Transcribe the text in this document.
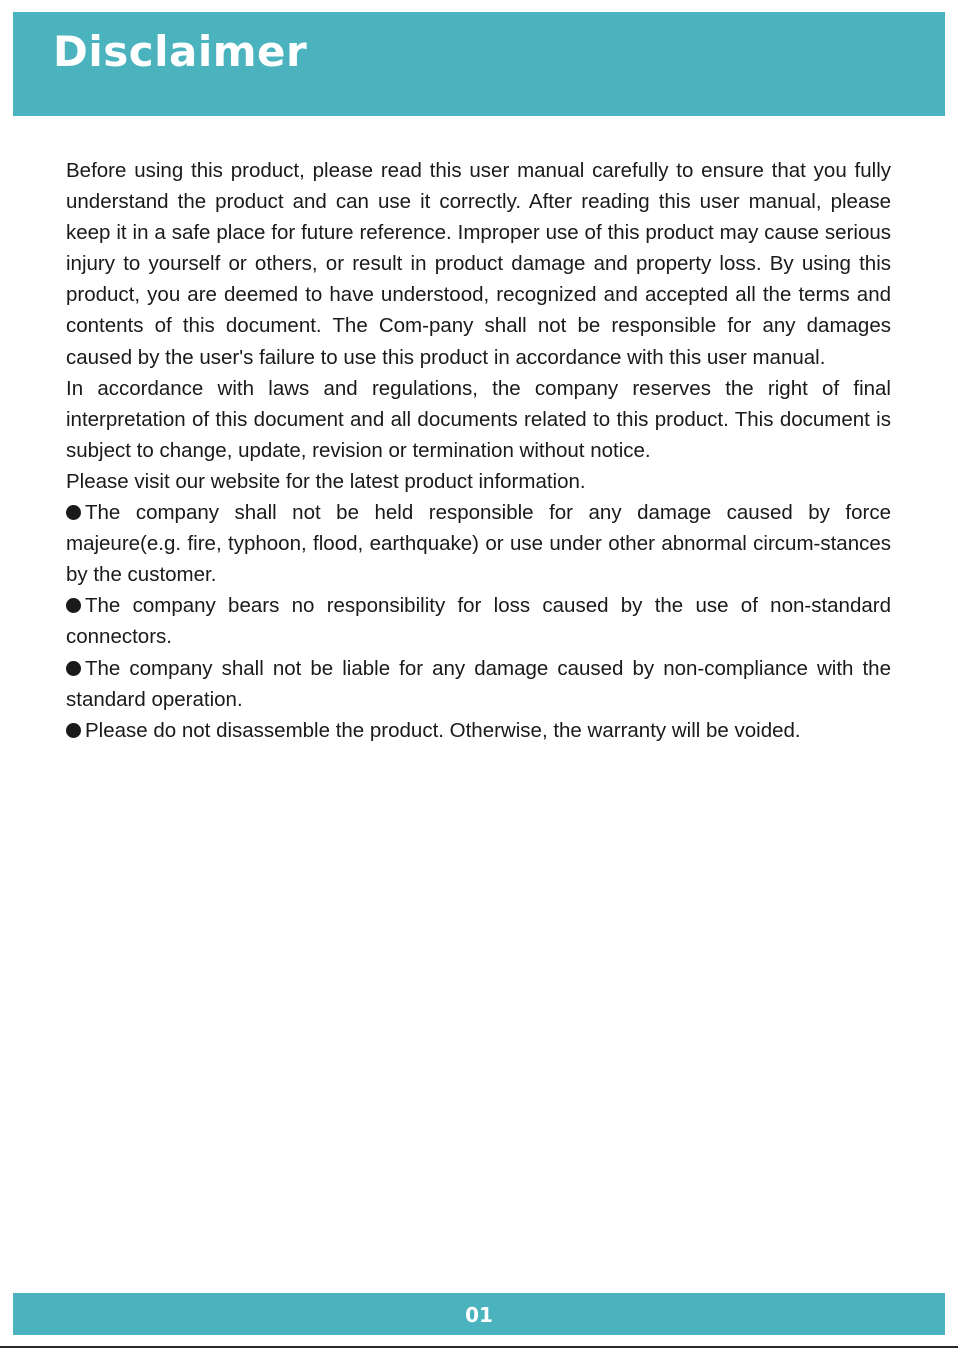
Disclaimer

Before using this product, please read this user manual carefully to ensure that you fully understand the product and can use it correctly. After reading this user manual, please keep it in a safe place for future reference. Improper use of this product may cause serious injury to yourself or others, or result in product damage and property loss. By using this product, you are deemed to have understood, recognized and accepted all the terms and contents of this document. The Com-pany shall not be responsible for any damages caused by the user's failure to use this product in accordance with this user manual.

In accordance with laws and regulations, the company reserves the right of final interpretation of this document and all documents related to this product. This document is subject to change, update, revision or termination without notice.

Please visit our website for the latest product information.

The company shall not be held responsible for any damage caused by force majeure(e.g. fire, typhoon, flood, earthquake) or use under other abnormal circum-stances by the customer.

The company bears no responsibility for loss caused by the use of non-standard connectors.

The company shall not be liable for any damage caused by non-compliance with the standard operation.

Please do not disassemble the product. Otherwise, the warranty will be voided.

01
